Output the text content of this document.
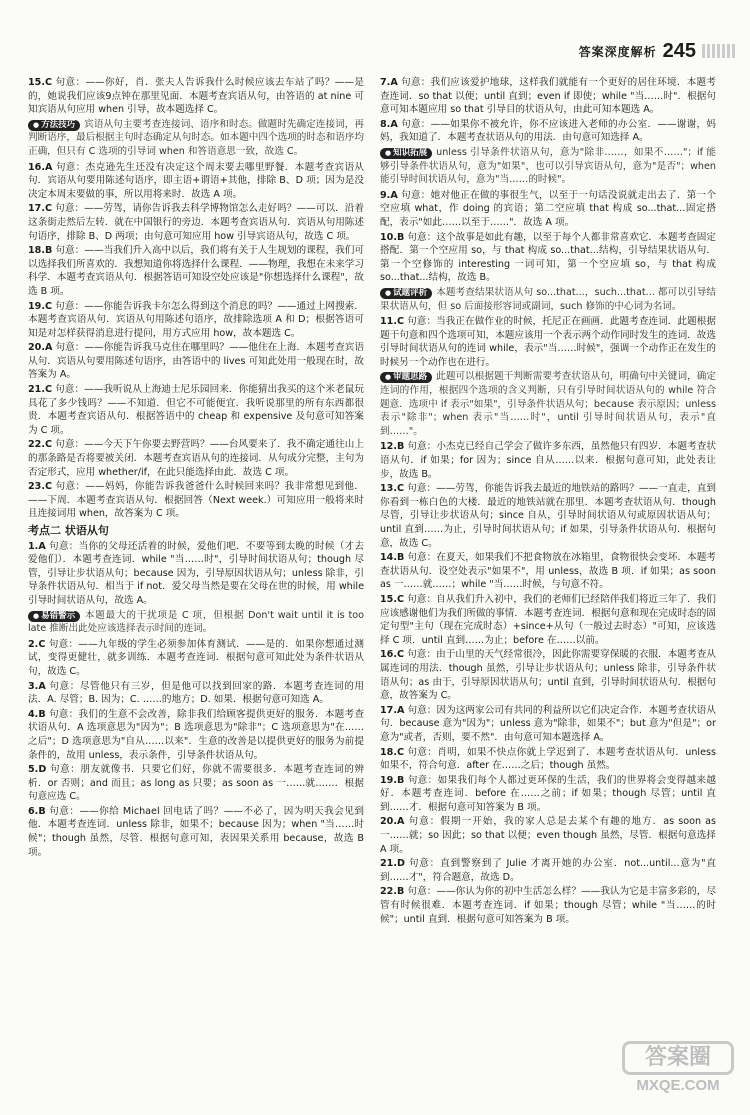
答案深度解析 245
15.C 句意：——你好，肖．张夫人告诉我什么时候应该去车站了吗？——是的，她说我们应该9点钟在那里见面．本题考查宾语从句，由答语的 at nine 可知宾语从句应用 when 引导，故本题选择 C。
● 方法技巧 宾语从句主要考查连接词、语序和时态。做题时先确定连接词，再判断语序，最后根据主句时态确定从句时态。如本题中四个选项的时态和语序均正确，但只有 C 选项的引导词 when 和答语意思一致，故选 C。
16.A 句意：杰克逊先生还没有决定这个周末要去哪里野餐．本题考查宾语从句．宾语从句要用陈述句语序，即主语+谓语+其他，排除 B、D 项；因为是没决定本周末要做的事，所以用将来时．故选 A 项。
17.C 句意：——劳驾，请你告诉我去科学博物馆怎么走好吗？——可以．沿着这条街走然后左转．就在中国银行的旁边．本题考查宾语从句．宾语从句用陈述句语序，排除 B、D 两项；由句意可知应用 how 引导宾语从句，故选 C 项。
18.B 句意：——当我们升入高中以后，我们将有关于人生规划的课程，我们可以选择我们所喜欢的．我想知道你将选择什么课程．——物理，我想在未来学习科学．本题考查宾语从句．根据答语可知设空处应该是"你想选择什么课程"，故选 B 项。
19.C 句意：——你能告诉我卡尔怎么得到这个消息的吗？——通过上网搜索．本题考查宾语从句．宾语从句用陈述句语序，故排除选项 A 和 D；根据答语可知是对怎样获得消息进行提问，用方式应用 how，故本题选 C。
20.A 句意：——你能告诉我马克住在哪里吗？——他住在上海．本题考查宾语从句．宾语从句要用陈述句语序，由答语中的 lives 可知此处用一般现在时，故答案为 A。
21.C 句意：——我听说从上海迪士尼乐园回来．你能猜出我买的这个米老鼠玩具花了多少钱吗？——不知道．但它不可能便宜．我听说那里的所有东西都很贵．本题考查宾语从句．根据答语中的 cheap 和 expensive 及句意可知答案为 C 项。
22.C 句意：——今天下午你要去野营吗？——台风要来了．我不确定通往山上的那条路是否将要被关闭．本题考查宾语从句的连接词．从句成分完整，主句为否定形式，应用 whether/if，在此只能选择由此．故选 C 项。
23.C 句意：——妈妈，你能告诉我爸爸什么时候回来吗？我非常想见到他．——下周．本题考查宾语从句．根据回答（Next week.）可知应用一般将来时且连接词用 when，故答案为 C 项。
考点二 状语从句
1.A 句意：当你的父母还活着的时候，爱他们吧．不要等到太晚的时候（才去爱他们）．本题考查连词．while "当……时"，引导时间状语从句；though 尽管，引导让步状语从句；because 因为，引导原因状语从句；unless 除非，引导条件状语从句．相当于 if not．爱父母当然是要在父母在世的时候，用 while 引导时间状语从句，故选 A。
● 易错警示 本题最大的干扰项是 C 项，但根据 Don't wait until it is too late 推断出此处应该选择表示时间的连词。
2.C 句意：——九年级的学生必须参加体育测试．——是的．如果你想通过测试，变得更健壮，就多训练．本题考查连词．根据句意可知此处为条件状语从句，故选 C。
3.A 句意：尽管他只有三岁，但是他可以找到回家的路．本题考查连词的用法．A. 尽管；B. 因为；C. ……的地方；D. 如果．根据句意可知选 A。
4.B 句意：我们的生意不会改善，除非我们给顾客提供更好的服务．本题考查状语从句．A 选项意思为"因为"；B 选项意思为"除非"；C 选项意思为"在……之后"；D 选项意思为"自从……以来"．生意的改善是以提供更好的服务为前提条件的，故用 unless，表示条件，引导条件状语从句。
5.D 句意：朋友就像书．只要它们好，你就不需要很多．本题考查连词的辨析．or 否则；and 而且；as long as 只要；as soon as 一……就……．根据句意应选 C。
6.B 句意：——你给 Michael 回电话了吗？——不必了，因为明天我会见到他．本题考查连词．unless 除非，如果不；because 因为；when "当……时候"；though 虽然，尽管．根据句意可知，表因果关系用 because，故选 B 项。
7.A 句意：我们应该爱护地球，这样我们就能有一个更好的居住环境．本题考查连词．so that 以便；until 直到；even if 即使；while "当……时"．根据句意可知本题应用 so that 引导目的状语从句，由此可知本题选 A。
8.A 句意：——如果你不被允许，你不应该进入老师的办公室．——谢谢，妈妈，我知道了．本题考查状语从句的用法．由句意可知选择 A。
● 知识拓展 unless 引导条件状语从句，意为"除非……，如果不……"；if 能够引导条件状语从句，意为"如果"，也可以引导宾语从句，意为"是否"；when 能引导时间状语从句，意为"当……的时候"。
9.A 句意：她对他正在做的事很生气，以至于一句话没说就走出去了．第一个空应填 what，作 doing 的宾语；第二空应填 that 构成 so...that...固定搭配，表示"如此……以至于……"．故选 A 项。
10.B 句意：这个故事是如此有趣，以至于每个人都非常喜欢它．本题考查固定搭配．第一个空应用 so，与 that 构成 so...that...结构，引导结果状语从句．第一个空修饰的 interesting 一词可知，第一个空应填 so，与 that 构成 so...that...结构，故选 B。
● 试题评析 本题考查结果状语从句 so...that...，such...that... 都可以引导结果状语从句，但 so 后面接形容词或副词，such 修饰的中心词为名词。
11.C 句意：当我正在做作业的时候，托尼正在画画．此题考查连词．此题根据题干句意和四个选项可知，本题应该用一个表示两个动作同时发生的连词．故选引导时间状语从句的连词 while，表示"当……时候"，强调一个动作正在发生的时候另一个动作也在进行。
● 审题思路 此题可以根据题干判断需要考查状语从句，明确句中关键词，确定连词的作用，根据四个选项的含义判断，只有引导时间状语从句的 while 符合题意．选项中 if 表示"如果"，引导条件状语从句；because 表示原因；unless 表示"除非"；when 表示"当……时"，until 引导时间状语从句，表示"直到……"。
12.B 句意：小杰克已经自己学会了做许多东西，虽然他只有四岁．本题考查状语从句．if 如果；for 因为；since 自从……以来．根据句意可知，此处表让步，故选 B。
13.C 句意：——劳驾，你能告诉我去最近的地铁站的路吗？——一直走，直到你看到一栋白色的大楼．最近的地铁站就在那里．本题考查状语从句．though 尽管，引导让步状语从句；since 自从，引导时间状语从句或原因状语从句；until 直到……为止，引导时间状语从句；if 如果，引导条件状语从句．根据句意，故选 C。
14.B 句意：在夏天，如果我们不把食物放在冰箱里，食物很快会变坏．本题考查状语从句．设空处表示"如果不"，用 unless，故选 B 项．if 如果；as soon as 一……就……；while "当……时候，与句意不符。
15.C 句意：自从我们升入初中，我们的老师们已经陪伴我们将近三年了．我们应该感谢他们为我们所做的事情．本题考查连词．根据句意和现在完成时态的固定句型"主句（现在完成时态）+since+从句（一般过去时态）"可知，应该选择 C 项．until 直到……为止；before 在……以前。
16.C 句意：由于山里的天气经常很冷，因此你需要穿保暖的衣服．本题考查从属连词的用法．though 虽然，引导让步状语从句；unless 除非，引导条件状语从句；as 由于，引导原因状语从句；until 直到，引导时间状语从句．根据句意，故答案为 C。
17.A 句意：因为这两家公司有共同的利益所以它们决定合作．本题考查状语从句．because 意为"因为"；unless 意为"除非，如果不"；but 意为"但是"；or 意为"或者，否则，要不然"．由句意可知本题选择 A。
18.C 句意：肖明，如果不快点你就上学迟到了．本题考查状语从句．unless 如果不，符合句意．after 在……之后；though 虽然。
19.B 句意：如果我们每个人都过更环保的生活，我们的世界将会变得越来越好．本题考查连词．before 在……之前；if 如果；though 尽管；until 直到……才．根据句意可知答案为 B 项。
20.A 句意：假期一开始，我的家人总是去某个有趣的地方．as soon as 一……就；so 因此；so that 以便；even though 虽然，尽管．根据句意选择 A 项。
21.D 句意：直到警察到了 Julie 才离开她的办公室．not...until...意为"直到……才"，符合题意，故选 D。
22.B 句意：——你认为你的初中生活怎么样？——我认为它是丰富多彩的，尽管有时候很难．本题考查连词．if 如果；though 尽管；while "当……的时候"；until 直到．根据句意可知答案为 B 项。
答案圈
MXQE.COM
